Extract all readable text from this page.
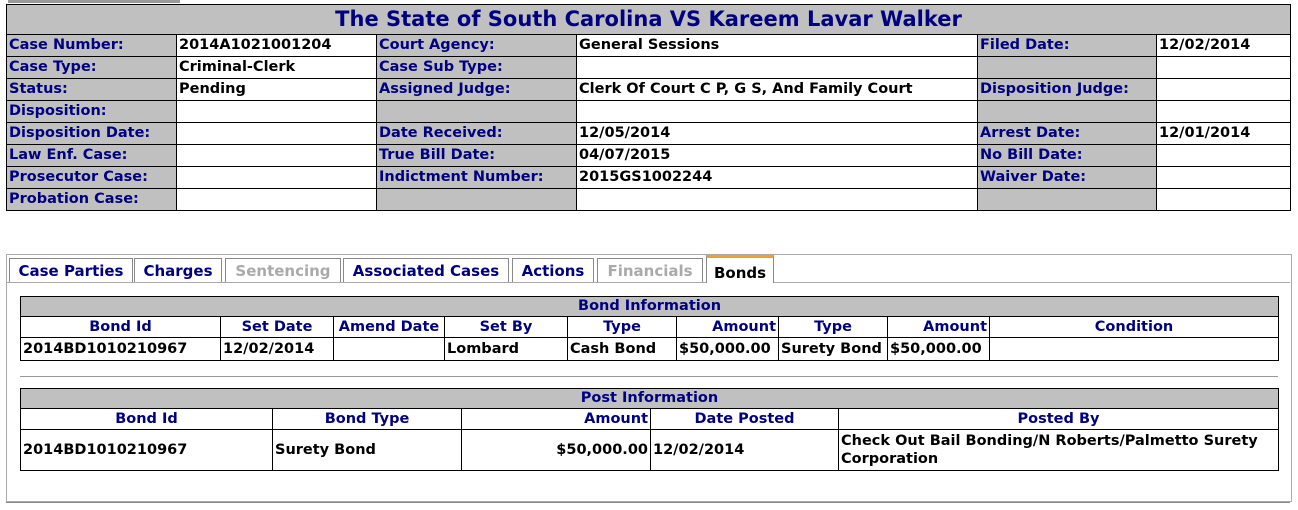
The State of South Carolina VS Kareem Lavar Walker					
Case Number:	2014A1021001204	Court Agency:	General Sessions	Filed Date:	12/02/2014
Case Type:	Criminal-Clerk	Case Sub Type:			
Status:	Pending	Assigned Judge:	Clerk Of Court C P, G S, And Family Court	Disposition Judge:	
Disposition:					
Disposition Date:		Date Received:	12/05/2014	Arrest Date:	12/01/2014
Law Enf. Case:		True Bill Date:	04/07/2015	No Bill Date:	
Prosecutor Case:		Indictment Number:	2015GS1002244	Waiver Date:	
Probation Case:					
Case Parties	Charges	Sentencing	Associated Cases	Actions	Financials	Bonds
Bond Information								
Bond Id	Set Date	Amend Date	Set By	Type	Amount	Type	Amount	Condition
2014BD1010210967	12/02/2014		Lombard	Cash Bond	$50,000.00	Surety Bond	$50,000.00	
Post Information				
Bond Id	Bond Type	Amount	Date Posted	Posted By
2014BD1010210967	Surety Bond	$50,000.00	12/02/2014	Check Out Bail Bonding/N Roberts/Palmetto Surety Corporation
